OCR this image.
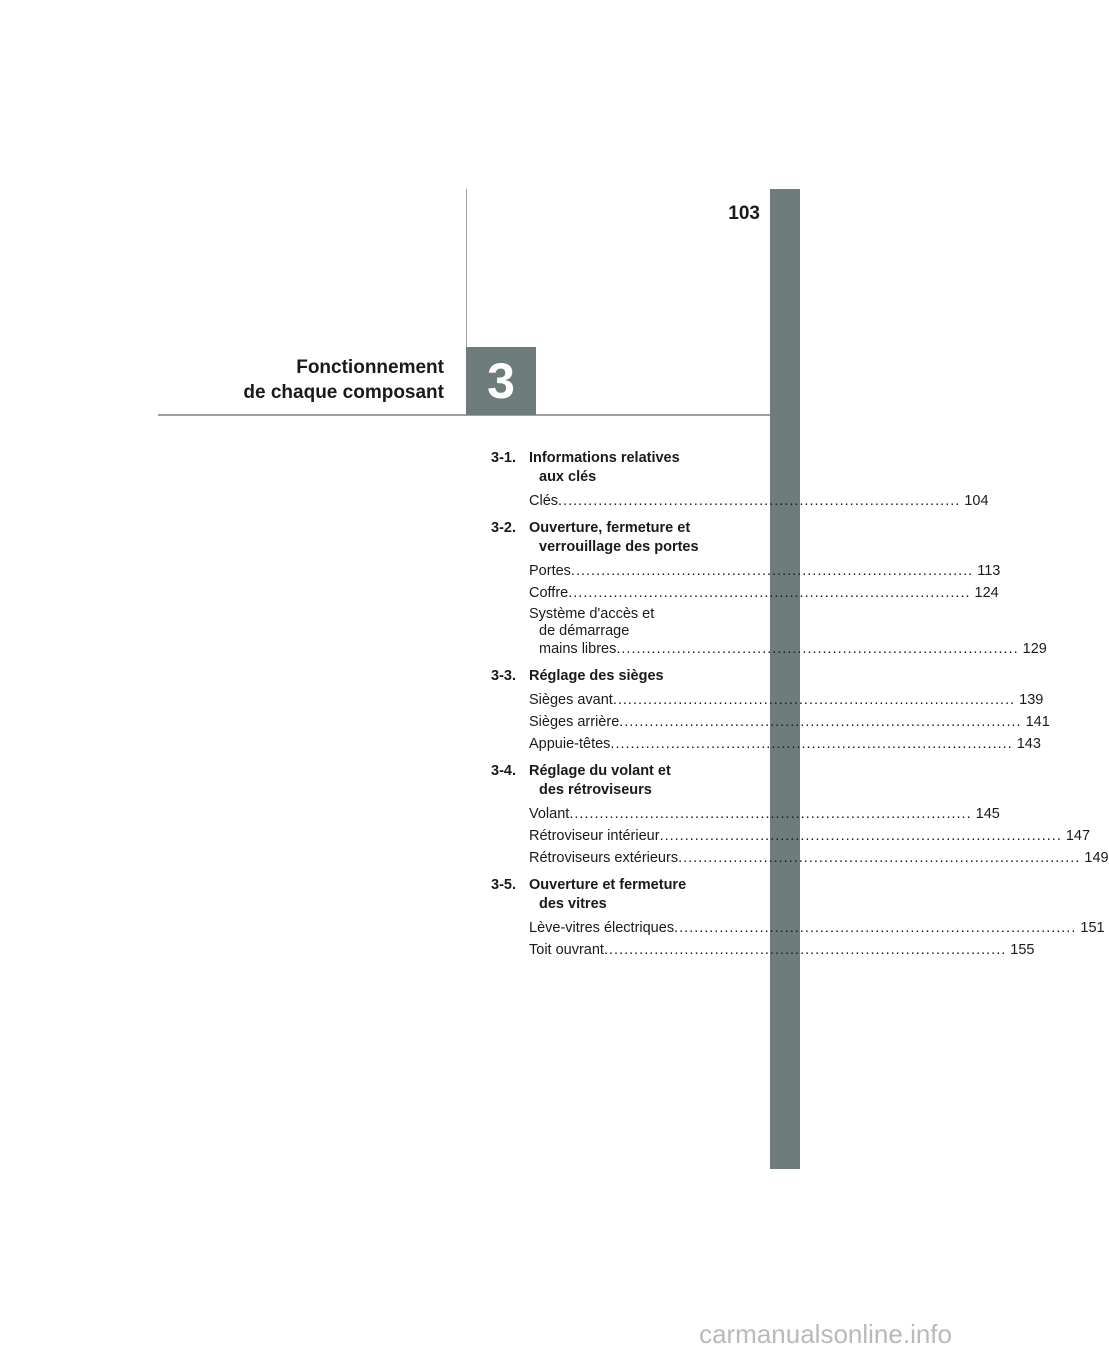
103
3
Fonctionnement
de chaque composant
3-1. Informations relatives
aux clés
Clés ................................................................................ 104
3-2. Ouverture, fermeture et
verrouillage des portes
Portes ................................................................................ 113
Coffre ................................................................................ 124
Système d'accès et
de démarrage
mains libres ................................................................................ 129
3-3. Réglage des sièges
Sièges avant ................................................................................ 139
Sièges arrière ................................................................................ 141
Appuie-têtes ................................................................................ 143
3-4. Réglage du volant et
des rétroviseurs
Volant ................................................................................ 145
Rétroviseur intérieur ................................................................................ 147
Rétroviseurs extérieurs ................................................................................ 149
3-5. Ouverture et fermeture
des vitres
Lève-vitres électriques ................................................................................ 151
Toit ouvrant ................................................................................ 155
carmanualsonline.info
